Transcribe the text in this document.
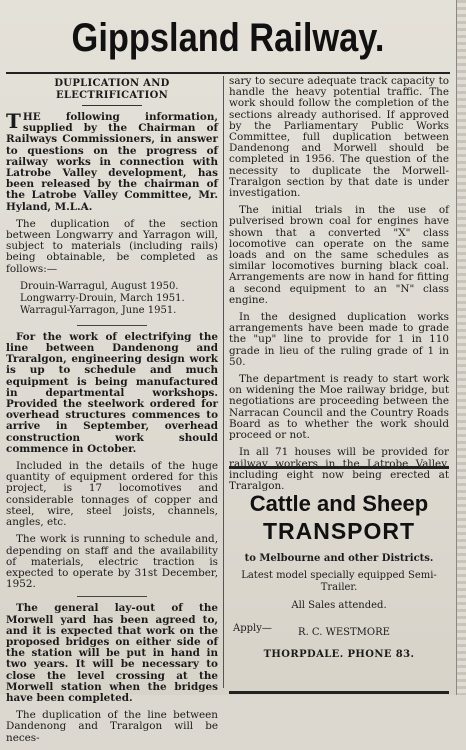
Gippsland Railway.
DUPLICATION AND
ELECTRIFICATION

THE following information, supplied by the Chairman of Railways Commissioners, in answer to questions on the progress of railway works in connection with Latrobe Valley development, has been released by the chairman of the Latrobe Valley Committee, Mr. Hyland, M.L.A.

The duplication of the section between Longwarry and Yarragon will, subject to materials (including rails) being obtainable, be completed as follows:—

Drouin-Warragul, August 1950.
Longwarry-Drouin, March 1951.
Warragul-Yarragon, June 1951.

For the work of electrifying the line between Dandenong and Traralgon, engineering design work is up to schedule and much equipment is being manufactured in departmental workshops. Provided the steelwork ordered for overhead structures commences to arrive in September, overhead construction work should commence in October.

Included in the details of the huge quantity of equipment ordered for this project, is 17 locomotives and considerable tonnages of copper and steel, wire, steel joists, channels, angles, etc.

The work is running to schedule and, depending on staff and the availability of materials, electric traction is expected to operate by 31st December, 1952.

The general lay-out of the Morwell yard has been agreed to, and it is expected that work on the proposed bridges on either side of the station will be put in hand in two years. It will be necessary to close the level crossing at the Morwell station when the bridges have been completed.

The duplication of the line between Dandenong and Traralgon will be neces-

sary to secure adequate track capacity to handle the heavy potential traffic. The work should follow the completion of the sections already authorised. If approved by the Parliamentary Public Works Committee, full duplication between Dandenong and Morwell should be completed in 1956. The question of the necessity to duplicate the Morwell-Traralgon section by that date is under investigation.

The initial trials in the use of pulverised brown coal for engines have shown that a converted "X" class locomotive can operate on the same loads and on the same schedules as similar locomotives burning black coal. Arrangements are now in hand for fitting a second equipment to an "N" class engine.

In the designed duplication works arrangements have been made to grade the "up" line to provide for 1 in 110 grade in lieu of the ruling grade of 1 in 50.

The department is ready to start work on widening the Moe railway bridge, but negotiations are proceeding between the Narracan Council and the Country Roads Board as to whether the work should proceed or not.

In all 71 houses will be provided for railway workers in the Latrobe Valley, including eight now being erected at Traralgon.

Cattle and Sheep
TRANSPORT
to Melbourne and other Districts.
Latest model specially equipped Semi-Trailer.
All Sales attended.
Apply—	R. C. WESTMORE
THORPDALE. PHONE 83.
